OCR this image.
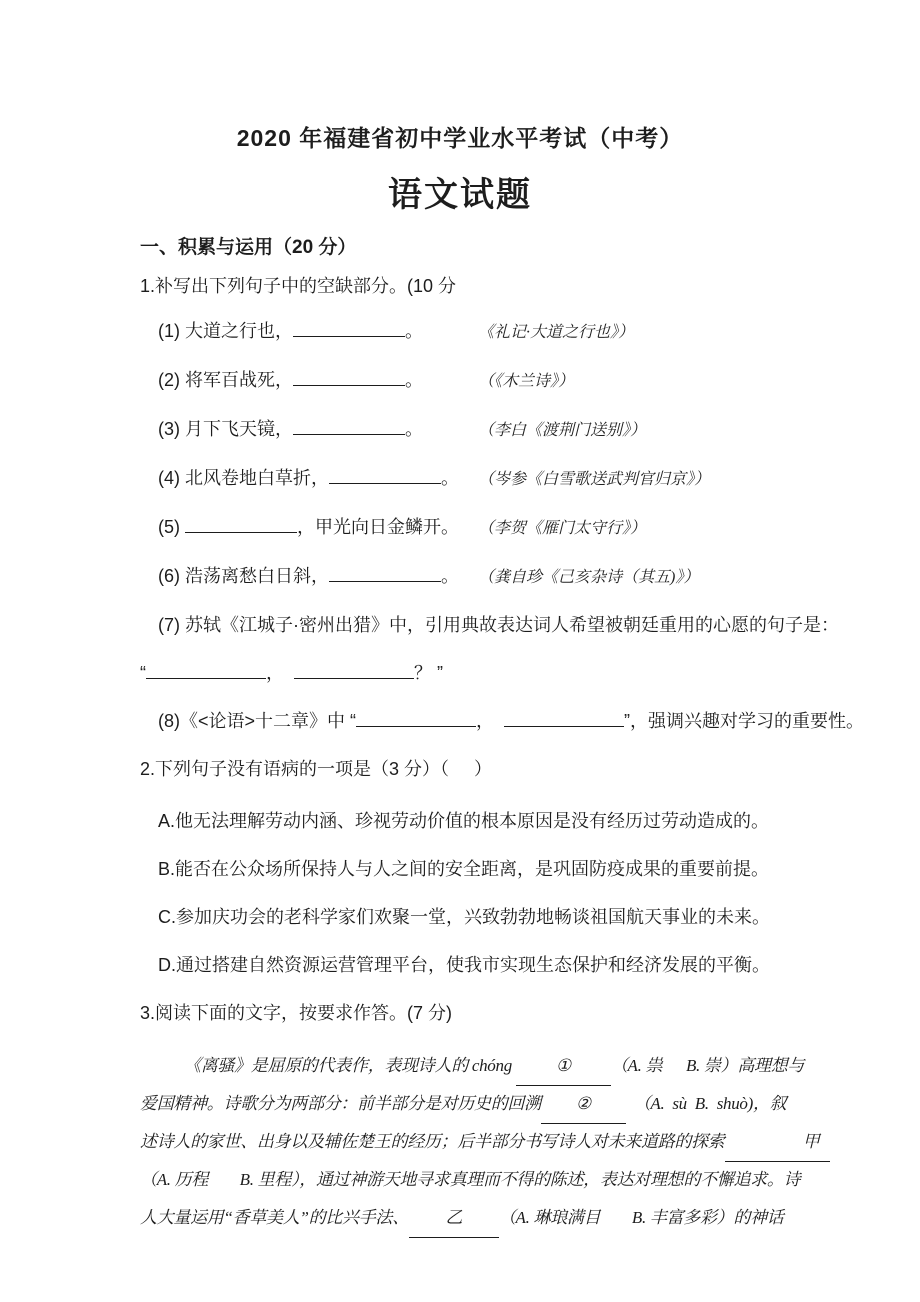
2020 年福建省初中学业水平考试（中考）
语文试题
一、积累与运用（20 分）
1.补写出下列句子中的空缺部分。(10 分
(1) 大道之行也，	。	《礼记·大道之行也》）
(2) 将军百战死，	。	（《木兰诗》）
(3) 月下飞天镜，	。	（李白《渡荆门送别》）
(4) 北风卷地白草折，	。	（岑参《白雪歌送武判官归京》）
(5)	，甲光向日金鳞开。	（李贺《雁门太守行》）
(6) 浩荡离愁白日斜，	。	（龚自珍《己亥杂诗（其五)》）
(7) 苏轼《江城子·密州出猎》中，引用典故表达词人希望被朝廷重用的心愿的句子是：
“	，	？ ”
(8)《<论语>十二章》中 “	，	”，强调兴趣对学习的重要性。
2.下列句子没有语病的一项是（3 分）（     ）
A.他无法理解劳动内涵、珍视劳动价值的根本原因是没有经历过劳动造成的。
B.能否在公众场所保持人与人之间的安全距离，是巩固防疫成果的重要前提。
C.参加庆功会的老科学家们欢聚一堂，兴致勃勃地畅谈祖国航天事业的未来。
D.通过搭建自然资源运营管理平台，使我市实现生态保护和经济发展的平衡。
3.阅读下面的文字，按要求作答。(7 分)
《离骚》是屈原的代表作，表现诗人的 chóng ① （A. 祟      B. 崇）高理想与
爱国精神。诗歌分为两部分：前半部分是对历史的回溯 ②  （A.  sù  B.  shuò)，叙
述诗人的家世、出身以及辅佐楚王的经历；后半部分书写诗人对未来道路的探索	甲
（A. 历程        B. 里程），通过神游天地寻求真理而不得的陈述，表达对理想的不懈追求。诗
人大量运用“香草美人”的比兴手法、 乙 （A. 琳琅满目        B. 丰富多彩）的神话
